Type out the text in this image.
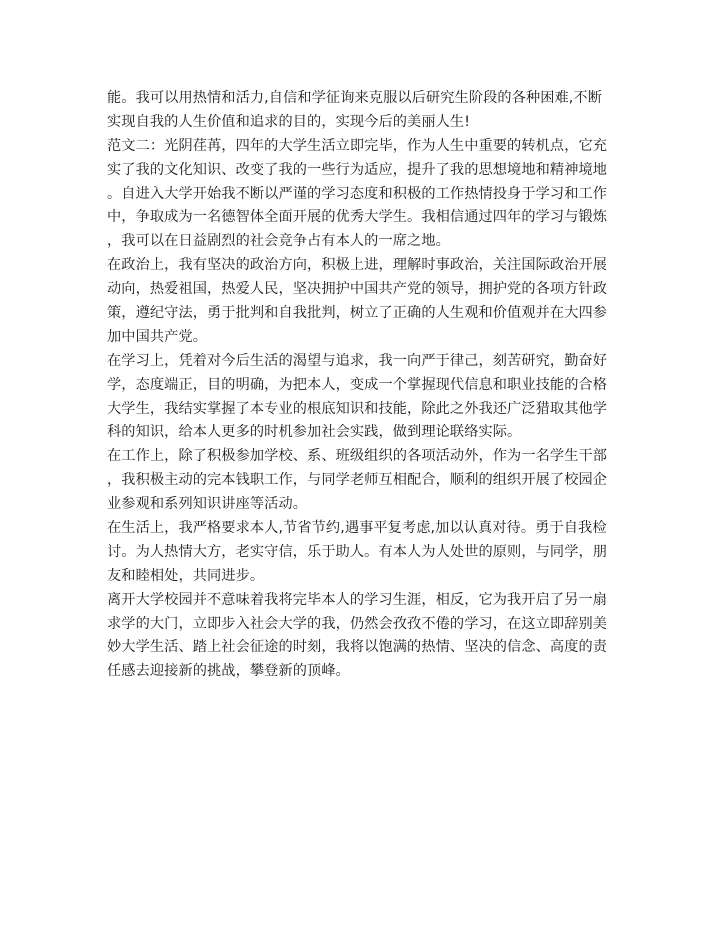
能。我可以用热情和活力,自信和学征询来克服以后研究生阶段的各种困难,不断
实现自我的人生价值和追求的目的，实现今后的美丽人生!
范文二：光阴荏苒，四年的大学生活立即完毕，作为人生中重要的转机点，它充
实了我的文化知识、改变了我的一些行为适应，提升了我的思想境地和精神境地
。自进入大学开始我不断以严谨的学习态度和积极的工作热情投身于学习和工作
中，争取成为一名德智体全面开展的优秀大学生。我相信通过四年的学习与锻炼
，我可以在日益剧烈的社会竞争占有本人的一席之地。
在政治上，我有坚决的政治方向，积极上进，理解时事政治，关注国际政治开展
动向，热爱祖国，热爱人民，坚决拥护中国共产党的领导，拥护党的各项方针政
策，遵纪守法，勇于批判和自我批判，树立了正确的人生观和价值观并在大四参
加中国共产党。
在学习上，凭着对今后生活的渴望与追求，我一向严于律己，刻苦研究，勤奋好
学，态度端正，目的明确，为把本人，变成一个掌握现代信息和职业技能的合格
大学生，我结实掌握了本专业的根底知识和技能，除此之外我还广泛猎取其他学
科的知识，给本人更多的时机参加社会实践，做到理论联络实际。
在工作上，除了积极参加学校、系、班级组织的各项活动外，作为一名学生干部
，我积极主动的完本钱职工作，与同学老师互相配合，顺利的组织开展了校园企
业参观和系列知识讲座等活动。
在生活上，我严格要求本人,节省节约,遇事平复考虑,加以认真对待。勇于自我检
讨。为人热情大方，老实守信，乐于助人。有本人为人处世的原则，与同学，朋
友和睦相处，共同进步。
离开大学校园并不意味着我将完毕本人的学习生涯，相反，它为我开启了另一扇
求学的大门，立即步入社会大学的我，仍然会孜孜不倦的学习，在这立即辞别美
妙大学生活、踏上社会征途的时刻，我将以饱满的热情、坚决的信念、高度的责
任感去迎接新的挑战，攀登新的顶峰。
